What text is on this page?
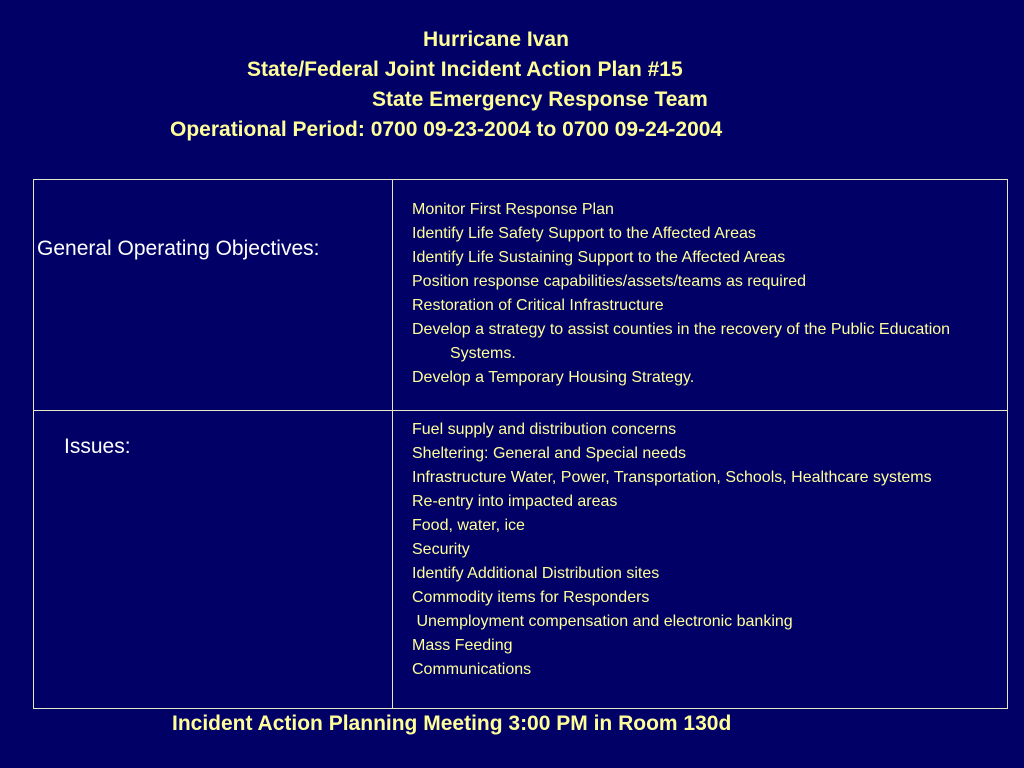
Hurricane Ivan
State/Federal Joint Incident Action Plan #15
State Emergency Response Team
Operational Period: 0700 09-23-2004 to 0700 09-24-2004
General Operating Objectives:
Monitor First Response Plan
Identify Life Safety Support to the Affected Areas
Identify Life Sustaining Support to the Affected Areas
Position response capabilities/assets/teams as required
Restoration of Critical Infrastructure
Develop a strategy to assist counties in the recovery of the Public Education Systems.
Develop a Temporary Housing Strategy.
Issues:
Fuel supply and distribution concerns
Sheltering: General and Special needs
Infrastructure Water, Power, Transportation, Schools, Healthcare systems
Re-entry into impacted areas
Food, water, ice
Security
Identify Additional Distribution sites
Commodity items for Responders
Unemployment compensation and electronic banking
Mass Feeding
Communications
Incident Action Planning Meeting 3:00 PM in Room 130d
